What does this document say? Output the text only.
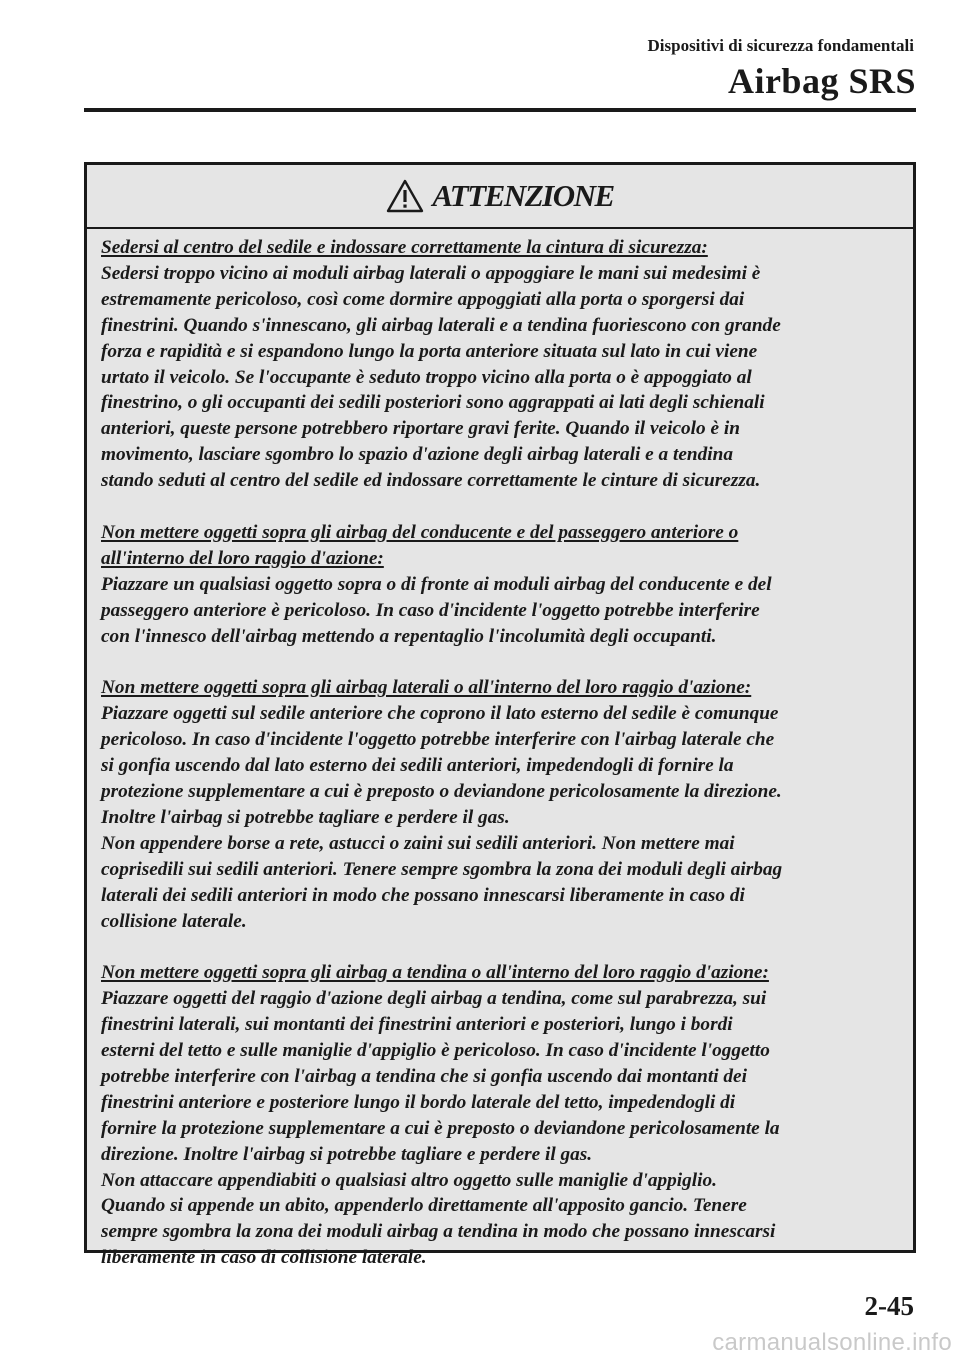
Dispositivi di sicurezza fondamentali
Airbag SRS
ATTENZIONE
Sedersi al centro del sedile e indossare correttamente la cintura di sicurezza:
Sedersi troppo vicino ai moduli airbag laterali o appoggiare le mani sui medesimi è
estremamente pericoloso, così come dormire appoggiati alla porta o sporgersi dai
finestrini. Quando s'innescano, gli airbag laterali e a tendina fuoriescono con grande
forza e rapidità e si espandono lungo la porta anteriore situata sul lato in cui viene
urtato il veicolo. Se l'occupante è seduto troppo vicino alla porta o è appoggiato al
finestrino, o gli occupanti dei sedili posteriori sono aggrappati ai lati degli schienali
anteriori, queste persone potrebbero riportare gravi ferite. Quando il veicolo è in
movimento, lasciare sgombro lo spazio d'azione degli airbag laterali e a tendina
stando seduti al centro del sedile ed indossare correttamente le cinture di sicurezza.
Non mettere oggetti sopra gli airbag del conducente e del passeggero anteriore o
all'interno del loro raggio d'azione:
Piazzare un qualsiasi oggetto sopra o di fronte ai moduli airbag del conducente e del
passeggero anteriore è pericoloso. In caso d'incidente l'oggetto potrebbe interferire
con l'innesco dell'airbag mettendo a repentaglio l'incolumità degli occupanti.
Non mettere oggetti sopra gli airbag laterali o all'interno del loro raggio d'azione:
Piazzare oggetti sul sedile anteriore che coprono il lato esterno del sedile è comunque
pericoloso. In caso d'incidente l'oggetto potrebbe interferire con l'airbag laterale che
si gonfia uscendo dal lato esterno dei sedili anteriori, impedendogli di fornire la
protezione supplementare a cui è preposto o deviandone pericolosamente la direzione.
Inoltre l'airbag si potrebbe tagliare e perdere il gas.
Non appendere borse a rete, astucci o zaini sui sedili anteriori. Non mettere mai
coprisedili sui sedili anteriori. Tenere sempre sgombra la zona dei moduli degli airbag
laterali dei sedili anteriori in modo che possano innescarsi liberamente in caso di
collisione laterale.
Non mettere oggetti sopra gli airbag a tendina o all'interno del loro raggio d'azione:
Piazzare oggetti del raggio d'azione degli airbag a tendina, come sul parabrezza, sui
finestrini laterali, sui montanti dei finestrini anteriori e posteriori, lungo i bordi
esterni del tetto e sulle maniglie d'appiglio è pericoloso. In caso d'incidente l'oggetto
potrebbe interferire con l'airbag a tendina che si gonfia uscendo dai montanti dei
finestrini anteriore e posteriore lungo il bordo laterale del tetto, impedendogli di
fornire la protezione supplementare a cui è preposto o deviandone pericolosamente la
direzione. Inoltre l'airbag si potrebbe tagliare e perdere il gas.
Non attaccare appendiabiti o qualsiasi altro oggetto sulle maniglie d'appiglio.
Quando si appende un abito, appenderlo direttamente all'apposito gancio. Tenere
sempre sgombra la zona dei moduli airbag a tendina in modo che possano innescarsi
liberamente in caso di collisione laterale.
2-45
carmanualsonline.info
